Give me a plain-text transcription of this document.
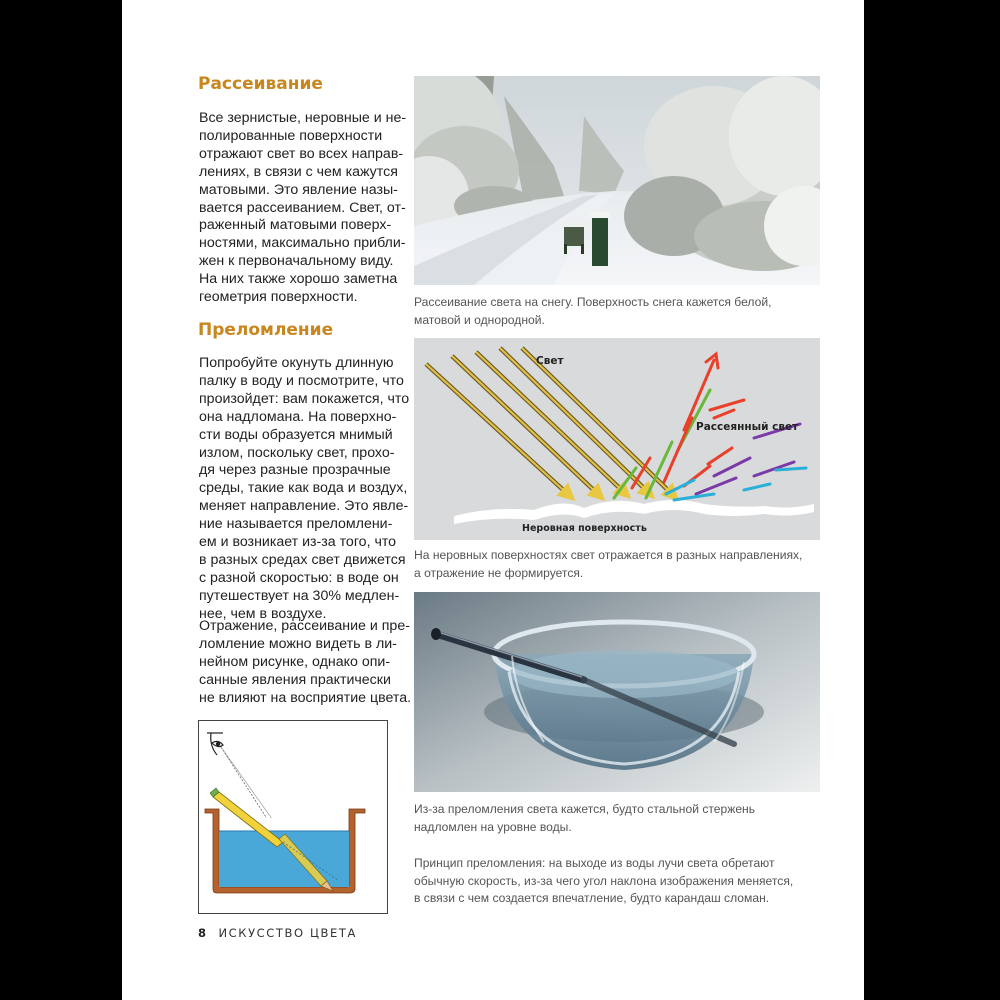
Рассеивание

Все зернистые, неровные и не-
полированные поверхности
отражают свет во всех направ-
лениях, в связи с чем кажутся
матовыми. Это явление назы-
вается рассеиванием. Свет, от-
раженный матовыми поверх-
ностями, максимально прибли-
жен к первоначальному виду.
На них также хорошо заметна
геометрия поверхности.

Преломление

Попробуйте окунуть длинную
палку в воду и посмотрите, что
произойдет: вам покажется, что
она надломана. На поверхно-
сти воды образуется мнимый
излом, поскольку свет, прохо-
дя через разные прозрачные
среды, такие как вода и воздух,
меняет направление. Это явле-
ние называется преломлени-
ем и возникает из-за того, что
в разных средах свет движется
с разной скоростью: в воде он
путешествует на 30% медлен-
нее, чем в воздухе.

Отражение, рассеивание и пре-
ломление можно видеть в ли-
нейном рисунке, однако опи-
санные явления практически
не влияют на восприятие цвета.

Рассеивание света на снегу. Поверхность снега кажется белой,
матовой и однородной.

Свет
Рассеянный свет
Неровная поверхность

На неровных поверхностях свет отражается в разных направлениях,
а отражение не формируется.

Из-за преломления света кажется, будто стальной стержень
надломлен на уровне воды.

Принцип преломления: на выходе из воды лучи света обретают
обычную скорость, из-за чего угол наклона изображения меняется,
в связи с чем создается впечатление, будто карандаш сломан.

8 ИСКУССТВО ЦВЕТА
